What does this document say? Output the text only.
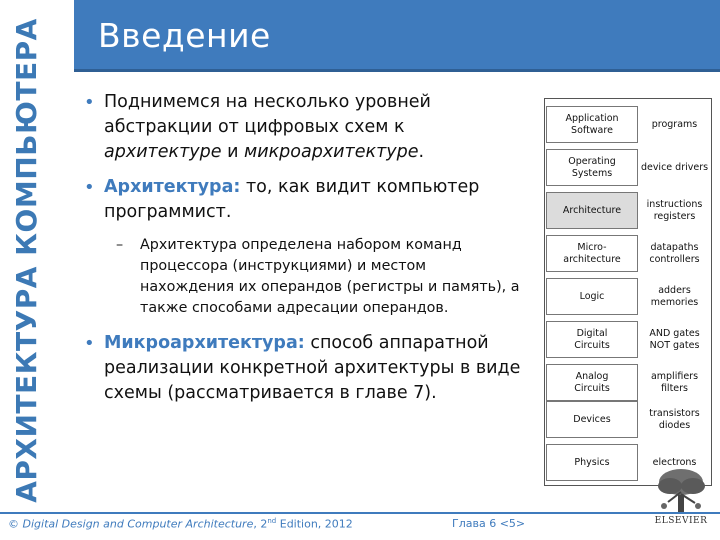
АРХИТЕКТУРА КОМПЬЮТЕРА Введение

• Поднимемся на несколько уровней абстракции от цифровых схем к архитектуре и микроархитектуре.

• Архитектура: то, как видит компьютер программист.

– Архитектура определена набором команд процессора (инструкциями) и местом нахождения их операндов (регистры и память), а также способами адресации операндов.

• Микроархитектура: способ аппаратной реализации конкретной архитектуры в виде схемы (рассматривается в главе 7).

Application
Software
programs
Operating
Systems
device drivers
Architecture
instructions
registers
Micro-
architecture
datapaths
controllers
Logic
adders
memories
Digital
Circuits
AND gates
NOT gates
Analog
Circuits
amplifiers
filters
Devices
transistors
diodes
Physics	electrons
ELSEVIER
© Digital Design and Computer Architecture, 2nd Edition, 2012	Глава 6 <5>
